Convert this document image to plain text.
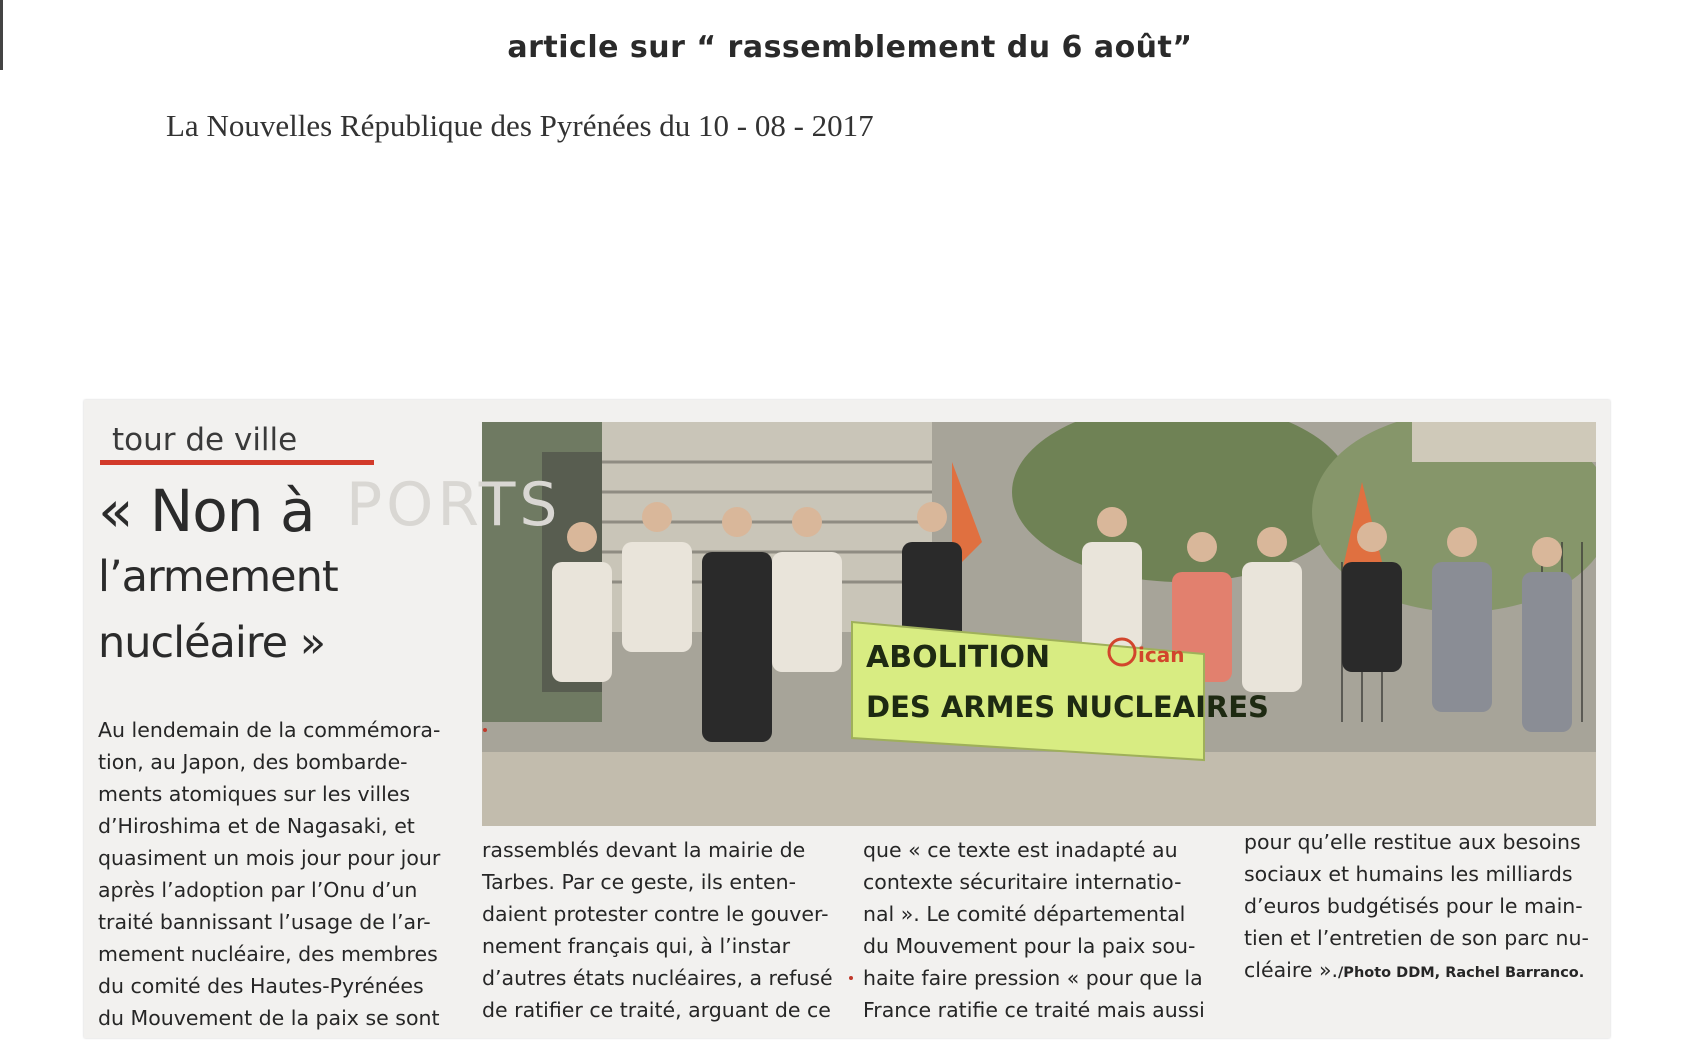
article sur “ rassemblement du 6 août”
La Nouvelles République des Pyrénées du 10 - 08 - 2017
tour de ville
« Non à
l’armement
nucléaire »	ABOLITION
DES ARMES NUCLEAIRES
ican
PORTS
Au lendemain de la commémora-
tion, au Japon, des bombarde-
ments atomiques sur les villes
d’Hiroshima et de Nagasaki, et
quasiment un mois jour pour jour
après l’adoption par l’Onu d’un
traité bannissant l’usage de l’ar-
mement nucléaire, des membres
du comité des Hautes-Pyrénées
du Mouvement de la paix se sont
rassemblés devant la mairie de
Tarbes. Par ce geste, ils enten-
daient protester contre le gouver-
nement français qui, à l’instar
d’autres états nucléaires, a refusé
de ratifier ce traité, arguant de ce
que « ce texte est inadapté au
contexte sécuritaire internatio-
nal ». Le comité départemental
du Mouvement pour la paix sou-
haite faire pression « pour que la
France ratifie ce traité mais aussi
pour qu’elle restitue aux besoins
sociaux et humains les milliards
d’euros budgétisés pour le main-
tien et l’entretien de son parc nu-
cléaire »./Photo DDM, Rachel Barranco.
